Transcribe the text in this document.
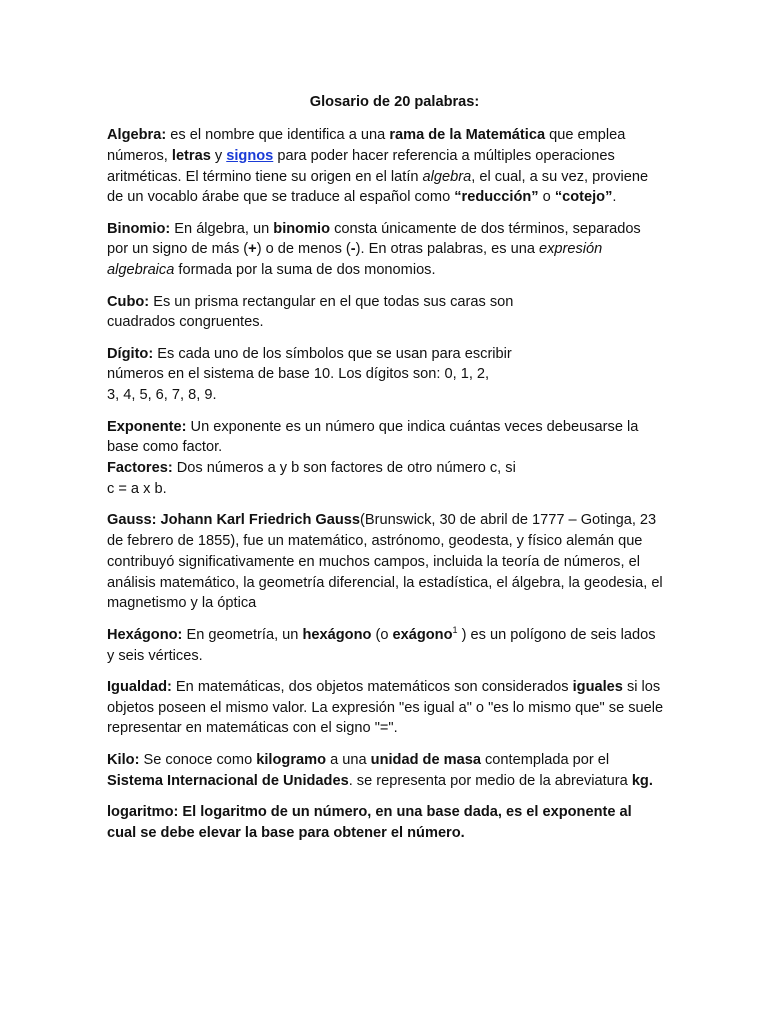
Glosario de 20 palabras:

Algebra: es el nombre que identifica a una rama de la Matemática que emplea números, letras y signos para poder hacer referencia a múltiples operaciones aritméticas. El término tiene su origen en el latín algebra, el cual, a su vez, proviene de un vocablo árabe que se traduce al español como “reducción” o “cotejo”.

Binomio: En álgebra, un binomio consta únicamente de dos términos, separados por un signo de más (+) o de menos (-). En otras palabras, es una expresión algebraica formada por la suma de dos monomios.

Cubo: Es un prisma rectangular en el que todas sus caras son
cuadrados congruentes.

Dígito: Es cada uno de los símbolos que se usan para escribir
números en el sistema de base 10. Los dígitos son: 0, 1, 2,
3, 4, 5, 6, 7, 8, 9.

Exponente: Un exponente es un número que indica cuántas veces debeusarse la base como factor.

Factores: Dos números a y b son factores de otro número c, si
c = a x b.

Gauss: Johann Karl Friedrich Gauss(Brunswick, 30 de abril de 1777 – Gotinga, 23 de febrero de 1855), fue un matemático, astrónomo, geodesta, y físico alemán que contribuyó significativamente en muchos campos, incluida la teoría de números, el análisis matemático, la geometría diferencial, la estadística, el álgebra, la geodesia, el magnetismo y la óptica

Hexágono: En geometría, un hexágono (o exágono$^1$ ) es un polígono de seis lados y seis vértices.

Igualdad: En matemáticas, dos objetos matemáticos son considerados iguales si los objetos poseen el mismo valor. La expresión "es igual a" o "es lo mismo que" se suele representar en matemáticas con el signo "=".

Kilo: Se conoce como kilogramo a una unidad de masa contemplada por el Sistema Internacional de Unidades. se representa por medio de la abreviatura kg.

logaritmo: El logaritmo de un número, en una base dada, es el exponente al cual se debe elevar la base para obtener el número.
